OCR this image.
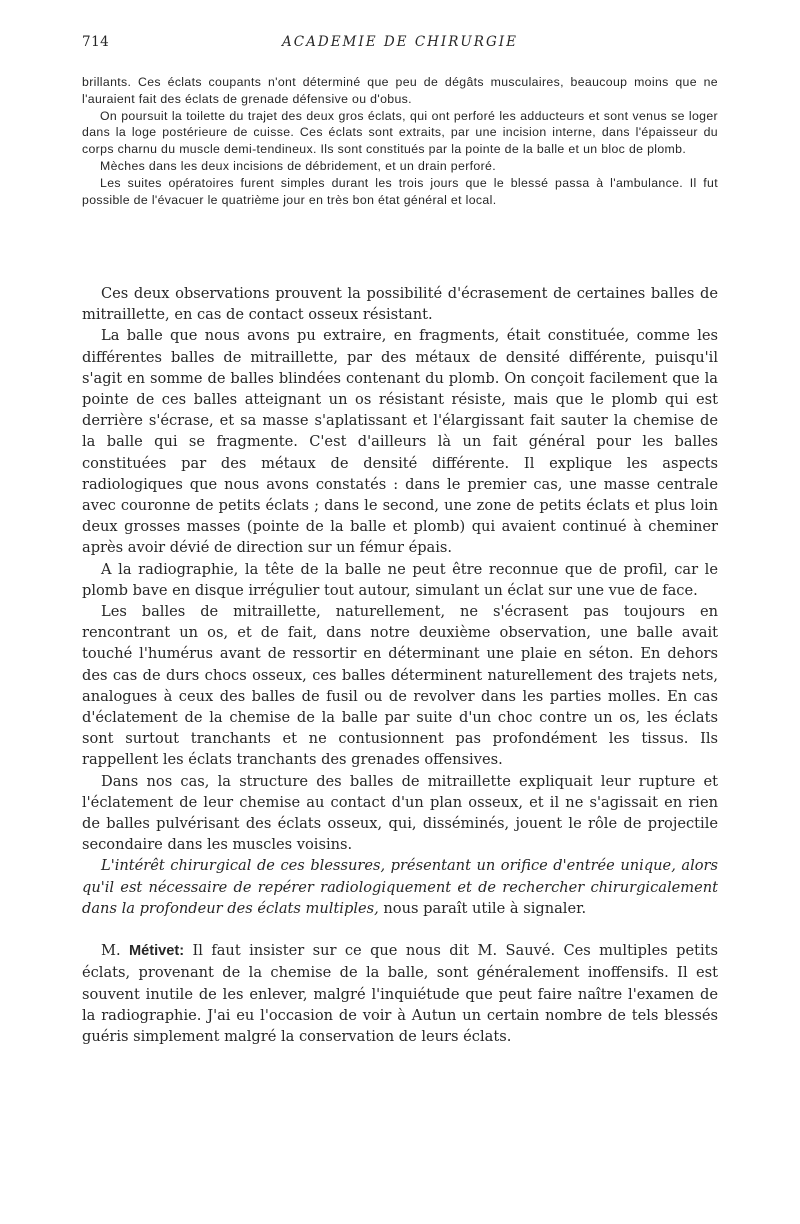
714	ACADEMIE DE CHIRURGIE

brillants. Ces éclats coupants n'ont déterminé que peu de dégâts musculaires, beaucoup moins que ne l'auraient fait des éclats de grenade défensive ou d'obus.

On poursuit la toilette du trajet des deux gros éclats, qui ont perforé les adducteurs et sont venus se loger dans la loge postérieure de cuisse. Ces éclats sont extraits, par une incision interne, dans l'épaisseur du corps charnu du muscle demi-tendineux. Ils sont constitués par la pointe de la balle et un bloc de plomb.

Mèches dans les deux incisions de débridement, et un drain perforé.

Les suites opératoires furent simples durant les trois jours que le blessé passa à l'ambulance. Il fut possible de l'évacuer le quatrième jour en très bon état général et local.

Ces deux observations prouvent la possibilité d'écrasement de certaines balles de mitraillette, en cas de contact osseux résistant.

La balle que nous avons pu extraire, en fragments, était constituée, comme les différentes balles de mitraillette, par des métaux de densité différente, puisqu'il s'agit en somme de balles blindées contenant du plomb. On conçoit facilement que la pointe de ces balles atteignant un os résistant résiste, mais que le plomb qui est derrière s'écrase, et sa masse s'aplatissant et l'élargissant fait sauter la chemise de la balle qui se fragmente. C'est d'ailleurs là un fait général pour les balles constituées par des métaux de densité différente. Il explique les aspects radiologiques que nous avons constatés : dans le premier cas, une masse centrale avec couronne de petits éclats ; dans le second, une zone de petits éclats et plus loin deux grosses masses (pointe de la balle et plomb) qui avaient continué à cheminer après avoir dévié de direction sur un fémur épais.

A la radiographie, la tête de la balle ne peut être reconnue que de profil, car le plomb bave en disque irrégulier tout autour, simulant un éclat sur une vue de face.

Les balles de mitraillette, naturellement, ne s'écrasent pas toujours en rencontrant un os, et de fait, dans notre deuxième observation, une balle avait touché l'humérus avant de ressortir en déterminant une plaie en séton. En dehors des cas de durs chocs osseux, ces balles déterminent naturellement des trajets nets, analogues à ceux des balles de fusil ou de revolver dans les parties molles. En cas d'éclatement de la chemise de la balle par suite d'un choc contre un os, les éclats sont surtout tranchants et ne contusionnent pas profondément les tissus. Ils rappellent les éclats tranchants des grenades offensives.

Dans nos cas, la structure des balles de mitraillette expliquait leur rupture et l'éclatement de leur chemise au contact d'un plan osseux, et il ne s'agissait en rien de balles pulvérisant des éclats osseux, qui, disséminés, jouent le rôle de projectile secondaire dans les muscles voisins.

L'intérêt chirurgical de ces blessures, présentant un orifice d'entrée unique, alors qu'il est nécessaire de repérer radiologiquement et de rechercher chirurgicalement dans la profondeur des éclats multiples, nous paraît utile à signaler.

M. Métivet: Il faut insister sur ce que nous dit M. Sauvé. Ces multiples petits éclats, provenant de la chemise de la balle, sont généralement inoffensifs. Il est souvent inutile de les enlever, malgré l'inquiétude que peut faire naître l'examen de la radiographie. J'ai eu l'occasion de voir à Autun un certain nombre de tels blessés guéris simplement malgré la conservation de leurs éclats.
